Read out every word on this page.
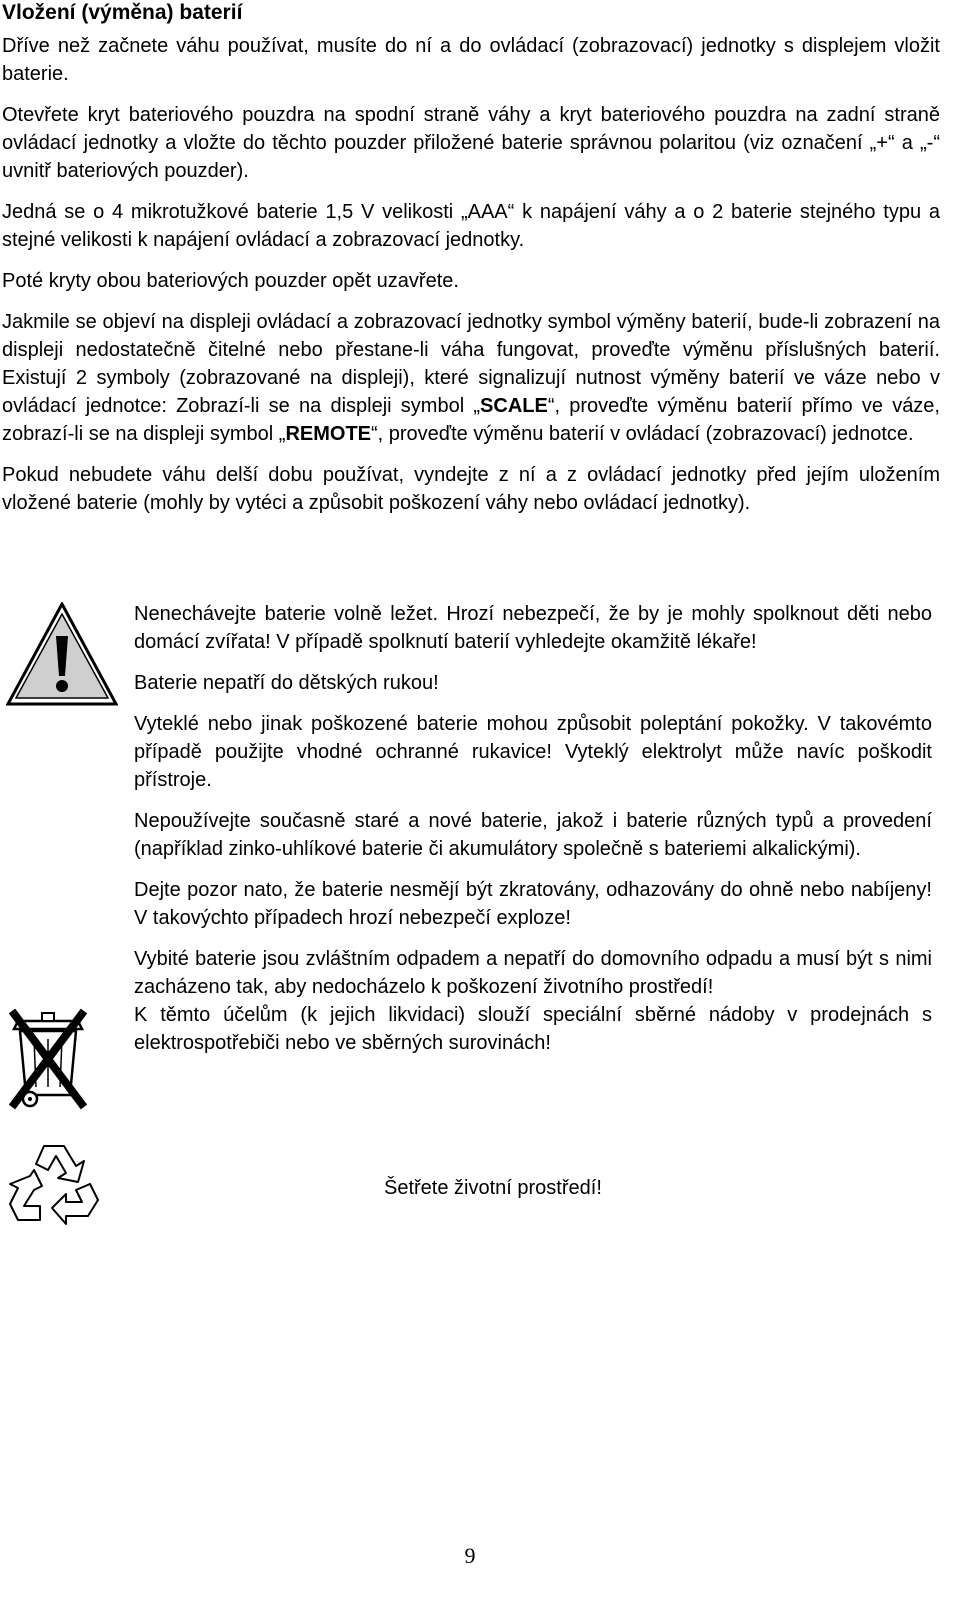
Vložení (výměna) baterií

Dříve než začnete váhu používat, musíte do ní a do ovládací (zobrazovací) jednotky s displejem vložit baterie.

Otevřete kryt bateriového pouzdra na spodní straně váhy a kryt bateriového pouzdra na zadní straně ovládací jednotky a vložte do těchto pouzder přiložené baterie správnou polaritou (viz označení „+“ a „-“ uvnitř bateriových pouzder).

Jedná se o 4 mikrotužkové baterie 1,5 V velikosti „AAA“ k napájení váhy a o 2 baterie stejného typu a stejné velikosti k napájení ovládací a zobrazovací jednotky.

Poté kryty obou bateriových pouzder opět uzavřete.

Jakmile se objeví na displeji ovládací a zobrazovací jednotky symbol výměny baterií, bude-li zobrazení na displeji nedostatečně čitelné nebo přestane-li váha fungovat, proveďte výměnu příslušných baterií. Existují 2 symboly (zobrazované na displeji), které signalizují nutnost výměny baterií ve váze nebo v ovládací jednotce: Zobrazí-li se na displeji symbol „SCALE“, proveďte výměnu baterií přímo ve váze, zobrazí-li se na displeji symbol „REMOTE“, proveďte výměnu baterií v ovládací (zobrazovací) jednotce.

Pokud nebudete váhu delší dobu používat, vyndejte z ní a z ovládací jednotky před jejím uložením vložené baterie (mohly by vytéci a způsobit poškození váhy nebo ovládací jednotky).

Nenechávejte baterie volně ležet. Hrozí nebezpečí, že by je mohly spolknout děti nebo domácí zvířata! V případě spolknutí baterií vyhledejte okamžitě lékaře!

Baterie nepatří do dětských rukou!

Vyteklé nebo jinak poškozené baterie mohou způsobit poleptání pokožky. V takovémto případě použijte vhodné ochranné rukavice! Vyteklý elektrolyt může navíc poškodit přístroje.

Nepoužívejte současně staré a nové baterie, jakož i baterie různých typů a provedení (například zinko-uhlíkové baterie či akumulátory společně s bateriemi alkalickými).

Dejte pozor nato, že baterie nesmějí být zkratovány, odhazovány do ohně nebo nabíjeny! V takovýchto případech hrozí nebezpečí exploze!

Vybité baterie jsou zvláštním odpadem a nepatří do domovního odpadu a musí být s nimi zacházeno tak, aby nedocházelo k poškození životního prostředí!

K těmto účelům (k jejich likvidaci) slouží speciální sběrné nádoby v prodejnách s elektrospotřebiči nebo ve sběrných surovinách!

Šetřete životní prostředí!
9
